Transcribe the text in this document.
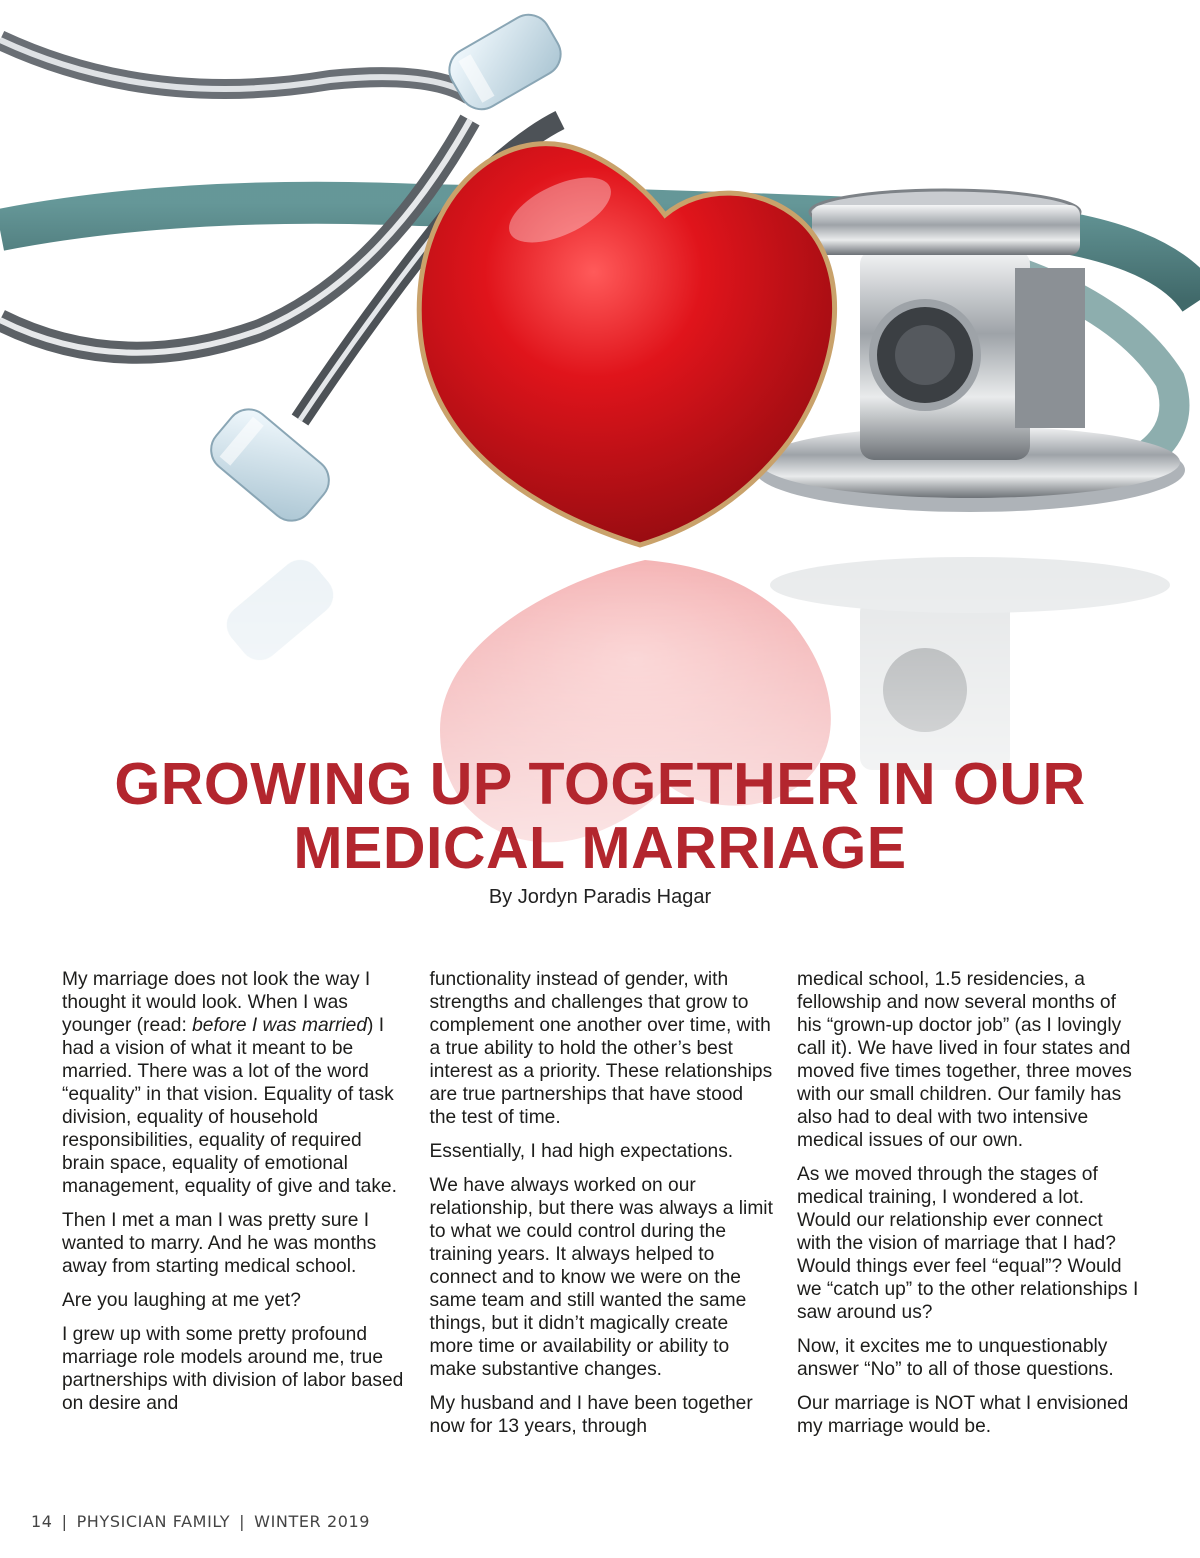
GROWING UP TOGETHER IN OUR
MEDICAL MARRIAGE
By Jordyn Paradis Hagar

My marriage does not look the way I thought it would look. When I was younger (read: before I was married) I had a vision of what it meant to be married. There was a lot of the word “equality” in that vision. Equality of task division, equality of household responsibilities, equality of required brain space, equality of emotional management, equality of give and take.

Then I met a man I was pretty sure I wanted to marry. And he was months away from starting medical school.

Are you laughing at me yet?

I grew up with some pretty profound marriage role models around me, true partnerships with division of labor based on desire and

functionality instead of gender, with strengths and challenges that grow to complement one another over time, with a true ability to hold the other’s best interest as a priority. These relationships are true partnerships that have stood the test of time.

Essentially, I had high expectations.

We have always worked on our relationship, but there was always a limit to what we could control during the training years. It always helped to connect and to know we were on the same team and still wanted the same things, but it didn’t magically create more time or availability or ability to make substantive changes.

My husband and I have been together now for 13 years, through

medical school, 1.5 residencies, a fellowship and now several months of his “grown-up doctor job” (as I lovingly call it). We have lived in four states and moved five times together, three moves with our small children. Our family has also had to deal with two intensive medical issues of our own.

As we moved through the stages of medical training, I wondered a lot. Would our relationship ever connect with the vision of marriage that I had? Would things ever feel “equal”? Would we “catch up” to the other relationships I saw around us?

Now, it excites me to unquestionably answer “No” to all of those questions.

Our marriage is NOT what I envisioned my marriage would be.

14 | PHYSICIAN FAMILY | WINTER 2019
